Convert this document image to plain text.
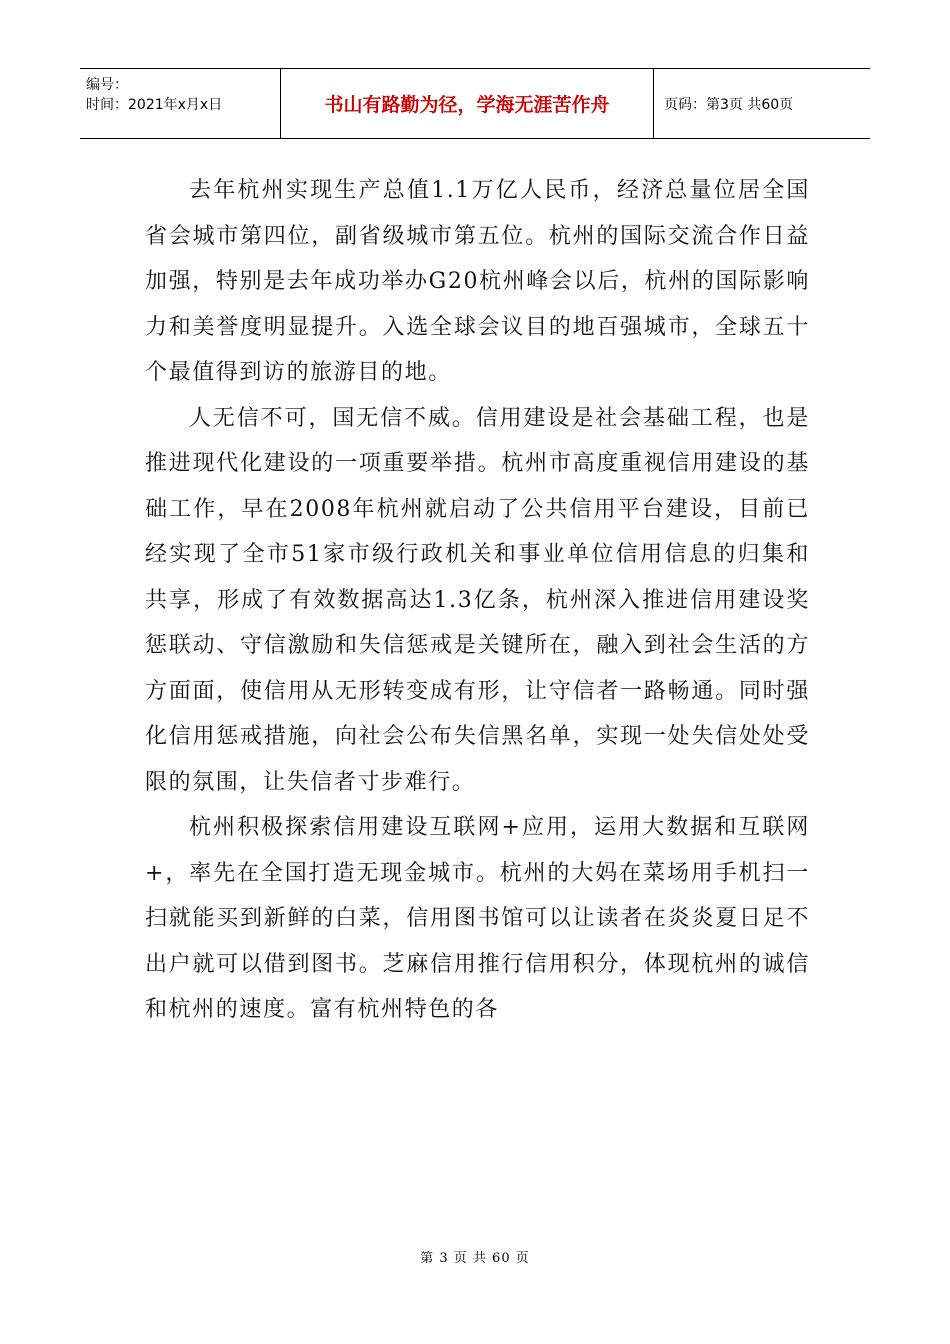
编号：
时间：2021年x月x日	书山有路勤为径，学海无涯苦作舟	页码：第3页 共60页

去年杭州实现生产总值1.1万亿人民币，经济总量位居全国省会城市第四位，副省级城市第五位。杭州的国际交流合作日益加强，特别是去年成功举办G20杭州峰会以后，杭州的国际影响力和美誉度明显提升。入选全球会议目的地百强城市，全球五十个最值得到访的旅游目的地。

人无信不可，国无信不威。信用建设是社会基础工程，也是推进现代化建设的一项重要举措。杭州市高度重视信用建设的基础工作，早在2008年杭州就启动了公共信用平台建设，目前已经实现了全市51家市级行政机关和事业单位信用信息的归集和共享，形成了有效数据高达1.3亿条，杭州深入推进信用建设奖惩联动、守信激励和失信惩戒是关键所在，融入到社会生活的方方面面，使信用从无形转变成有形，让守信者一路畅通。同时强化信用惩戒措施，向社会公布失信黑名单，实现一处失信处处受限的氛围，让失信者寸步难行。

杭州积极探索信用建设互联网+应用，运用大数据和互联网+，率先在全国打造无现金城市。杭州的大妈在菜场用手机扫一扫就能买到新鲜的白菜，信用图书馆可以让读者在炎炎夏日足不出户就可以借到图书。芝麻信用推行信用积分，体现杭州的诚信和杭州的速度。富有杭州特色的各

第 3 页 共 60 页
